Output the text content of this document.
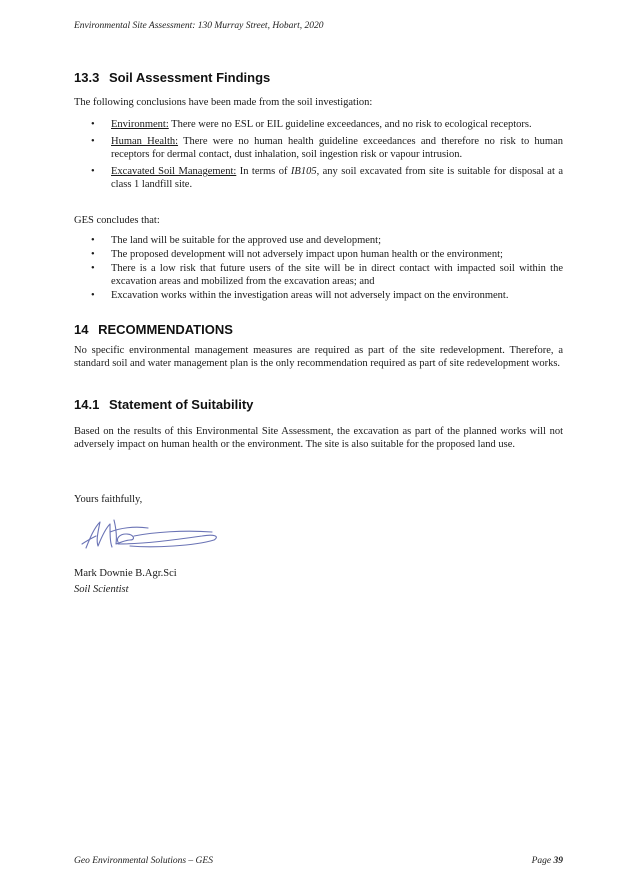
Environmental Site Assessment: 130 Murray Street, Hobart, 2020
13.3 Soil Assessment Findings

The following conclusions have been made from the soil investigation:

• Environment: There were no ESL or EIL guideline exceedances, and no risk to ecological receptors.
• Human Health: There were no human health guideline exceedances and therefore no risk to human receptors for dermal contact, dust inhalation, soil ingestion risk or vapour intrusion.
• Excavated Soil Management: In terms of IB105, any soil excavated from site is suitable for disposal at a class 1 landfill site.

GES concludes that:

• The land will be suitable for the approved use and development;
• The proposed development will not adversely impact upon human health or the environment;
• There is a low risk that future users of the site will be in direct contact with impacted soil within the excavation areas and mobilized from the excavation areas; and
• Excavation works within the investigation areas will not adversely impact on the environment.
14 RECOMMENDATIONS

No specific environmental management measures are required as part of the site redevelopment. Therefore, a standard soil and water management plan is the only recommendation required as part of site redevelopment works.

14.1 Statement of Suitability

Based on the results of this Environmental Site Assessment, the excavation as part of the planned works will not adversely impact on human health or the environment. The site is also suitable for the proposed land use.

Yours faithfully,

Mark Downie B.Agr.Sci

Soil Scientist

Geo Environmental Solutions – GES	Page 39
